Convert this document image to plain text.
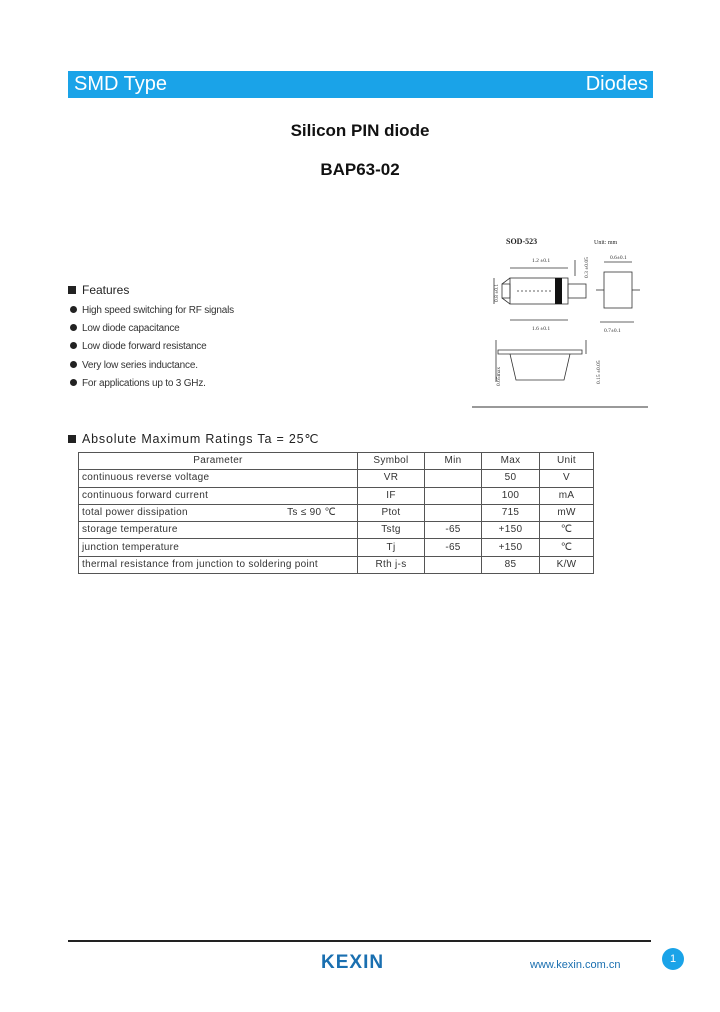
SMD Type	Diodes
Silicon PIN diode
BAP63-02
SOD-523	Unit: mm
1.2 ±0.1
1.6 ±0.1
0.8 ±0.1
0.3 ±0.05	0.6±0.1
0.7±0.1
0.65max	0.15 ±0.05
Features
High speed switching for RF signals
Low diode capacitance
Low diode forward resistance
Very low series inductance.
For applications up to 3 GHz.
Absolute Maximum Ratings Ta = 25℃
Parameter	Symbol	Min	Max	Unit
continuous reverse voltage	VR		50	V
continuous forward current	IF		100	mA
total power dissipation Ts ≤ 90 ℃	Ptot		715	mW
storage temperature	Tstg	-65	+150	℃
junction temperature	Tj	-65	+150	℃
thermal resistance from junction to soldering point	Rth j-s		85	K/W
KEXIN	www.kexin.com.cn	1
